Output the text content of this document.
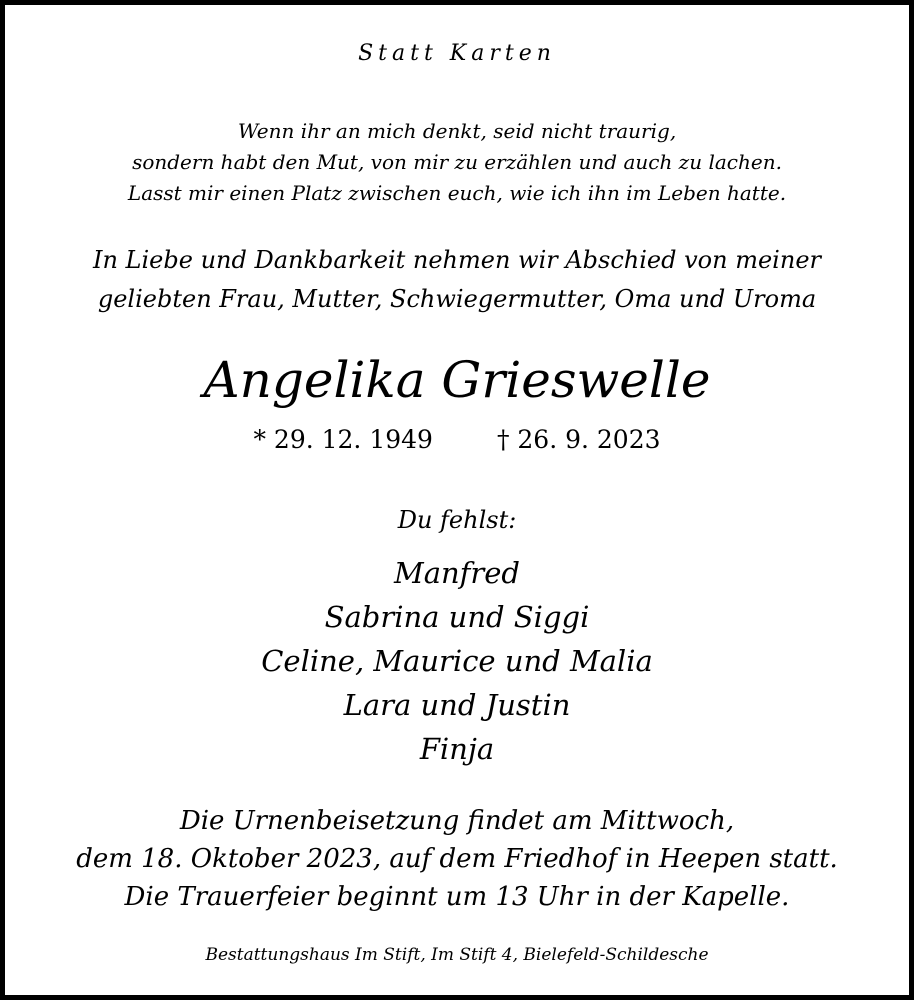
Statt Karten
Wenn ihr an mich denkt, seid nicht traurig,
sondern habt den Mut, von mir zu erzählen und auch zu lachen.
Lasst mir einen Platz zwischen euch, wie ich ihn im Leben hatte.
In Liebe und Dankbarkeit nehmen wir Abschied von meiner
geliebten Frau, Mutter, Schwiegermutter, Oma und Uroma
Angelika Grieswelle
* 29. 12. 1949	† 26. 9. 2023
Du fehlst:
Manfred
Sabrina und Siggi
Celine, Maurice und Malia
Lara und Justin
Finja
Die Urnenbeisetzung findet am Mittwoch,
dem 18. Oktober 2023, auf dem Friedhof in Heepen statt.
Die Trauerfeier beginnt um 13 Uhr in der Kapelle.
Bestattungshaus Im Stift, Im Stift 4, Bielefeld-Schildesche
